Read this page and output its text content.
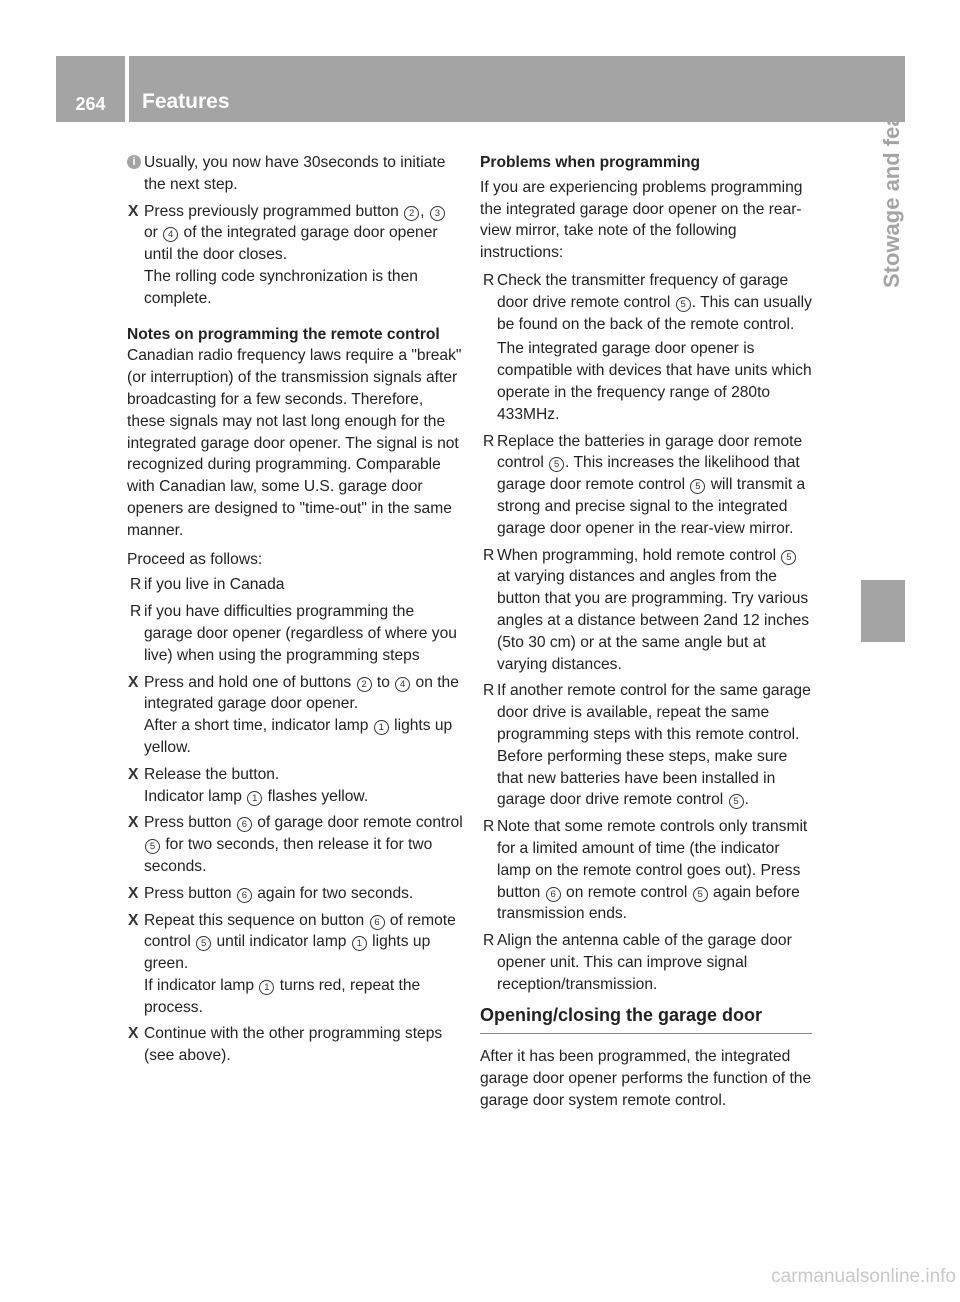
264	Features	Stowage and features
i Usually, you now have 30seconds to initiate the next step.
X Press previously programmed button 2 , 3 or 4 of the integrated garage door opener until the door closes.

The rolling code synchronization is then complete.

Notes on programming the remote control

Canadian radio frequency laws require a "break" (or interruption) of the transmission signals after broadcasting for a few seconds. Therefore, these signals may not last long enough for the integrated garage door opener. The signal is not recognized during programming. Comparable with Canadian law, some U.S. garage door openers are designed to "time-out" in the same manner.

Proceed as follows:

R if you live in Canada
R if you have difficulties programming the garage door opener (regardless of where you live) when using the programming steps
X Press and hold one of buttons 2 to 4 on the integrated garage door opener.

After a short time, indicator lamp 1 lights up yellow.

X Release the button.

Indicator lamp 1 flashes yellow.

X Press button 6 of garage door remote control 5 for two seconds, then release it for two seconds.

X Press button 6 again for two seconds.

X Repeat this sequence on button 6 of remote control 5 until indicator lamp 1 lights up green.

If indicator lamp 1 turns red, repeat the process.

X Continue with the other programming steps (see above).

Problems when programming

If you are experiencing problems programming the integrated garage door opener on the rear-view mirror, take note of the following instructions:

R Check the transmitter frequency of garage door drive remote control 5 . This can usually be found on the back of the remote control.

The integrated garage door opener is compatible with devices that have units which operate in the frequency range of 280to 433MHz.

R Replace the batteries in garage door remote control 5 . This increases the likelihood that garage door remote control 5 will transmit a strong and precise signal to the integrated garage door opener in the rear-view mirror.

R When programming, hold remote control 5 at varying distances and angles from the button that you are programming. Try various angles at a distance between 2and 12 inches (5to 30 cm) or at the same angle but at varying distances.

R If another remote control for the same garage door drive is available, repeat the same programming steps with this remote control. Before performing these steps, make sure that new batteries have been installed in garage door drive remote control 5 .

R Note that some remote controls only transmit for a limited amount of time (the indicator lamp on the remote control goes out). Press button 6 on remote control 5 again before transmission ends.

R Align the antenna cable of the garage door opener unit. This can improve signal reception/transmission.

Opening/closing the garage door

After it has been programmed, the integrated garage door opener performs the function of the garage door system remote control.

carmanualsonline.info
